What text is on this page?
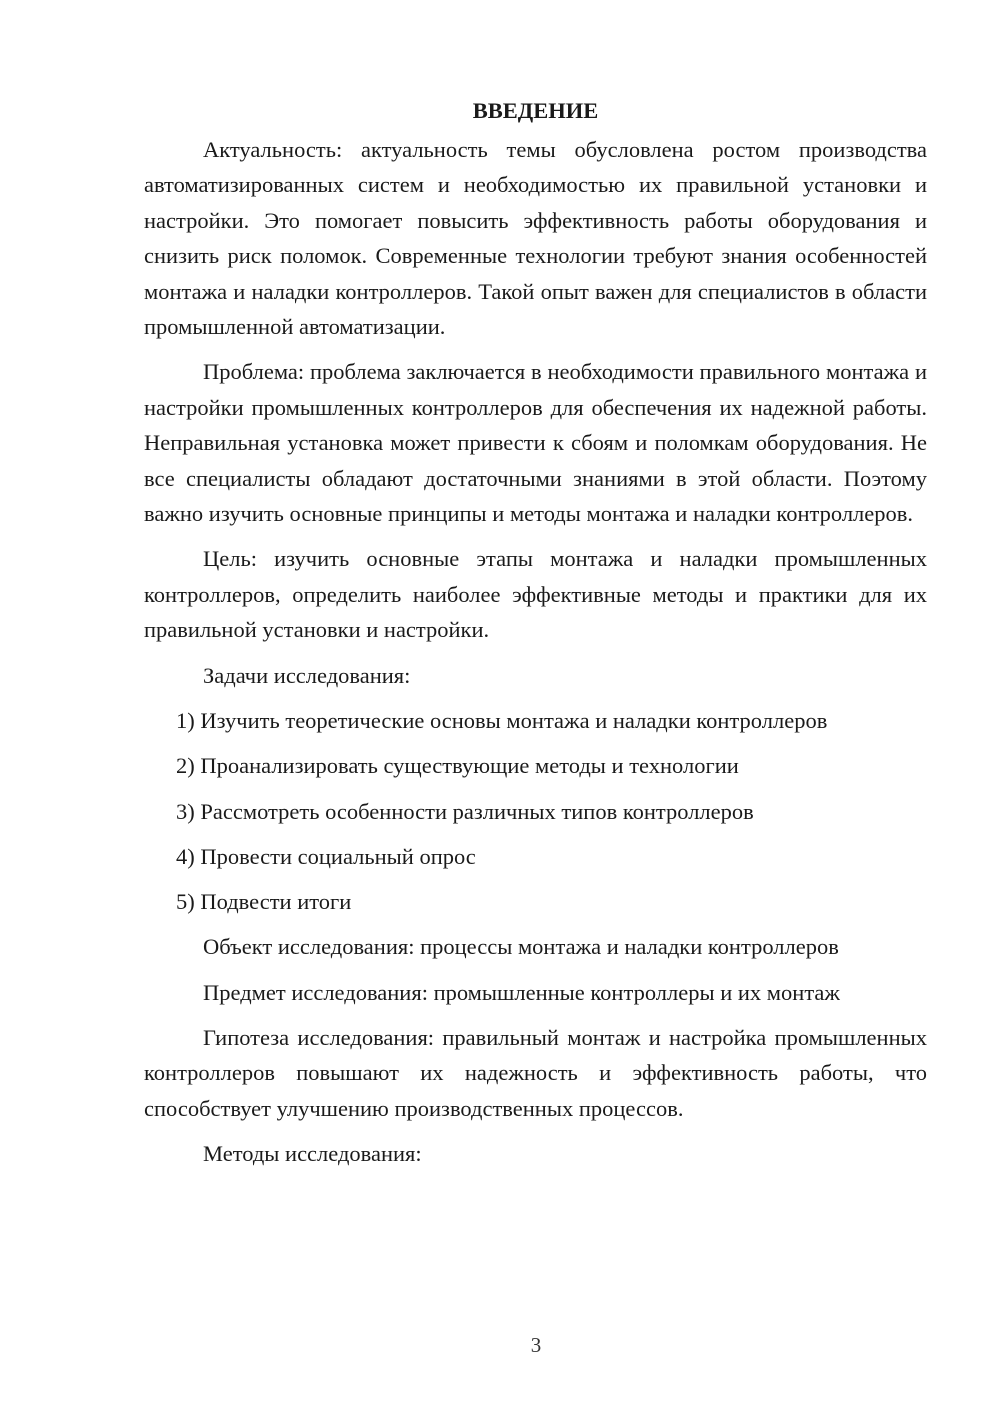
ВВЕДЕНИЕ

Актуальность: актуальность темы обусловлена ростом производства автоматизированных систем и необходимостью их правильной установки и настройки. Это помогает повысить эффективность работы оборудования и снизить риск поломок. Современные технологии требуют знания особенностей монтажа и наладки контроллеров. Такой опыт важен для специалистов в области промышленной автоматизации.

Проблема: проблема заключается в необходимости правильного монтажа и настройки промышленных контроллеров для обеспечения их надежной работы. Неправильная установка может привести к сбоям и поломкам оборудования. Не все специалисты обладают достаточными знаниями в этой области. Поэтому важно изучить основные принципы и методы монтажа и наладки контроллеров.

Цель: изучить основные этапы монтажа и наладки промышленных контроллеров, определить наиболее эффективные методы и практики для их правильной установки и настройки.

Задачи исследования:

1) Изучить теоретические основы монтажа и наладки контроллеров

2) Проанализировать существующие методы и технологии

3) Рассмотреть особенности различных типов контроллеров

4) Провести социальный опрос

5) Подвести итоги

Объект исследования: процессы монтажа и наладки контроллеров

Предмет исследования: промышленные контроллеры и их монтаж

Гипотеза исследования: правильный монтаж и настройка промышленных контроллеров повышают их надежность и эффективность работы, что способствует улучшению производственных процессов.

Методы исследования:

3
